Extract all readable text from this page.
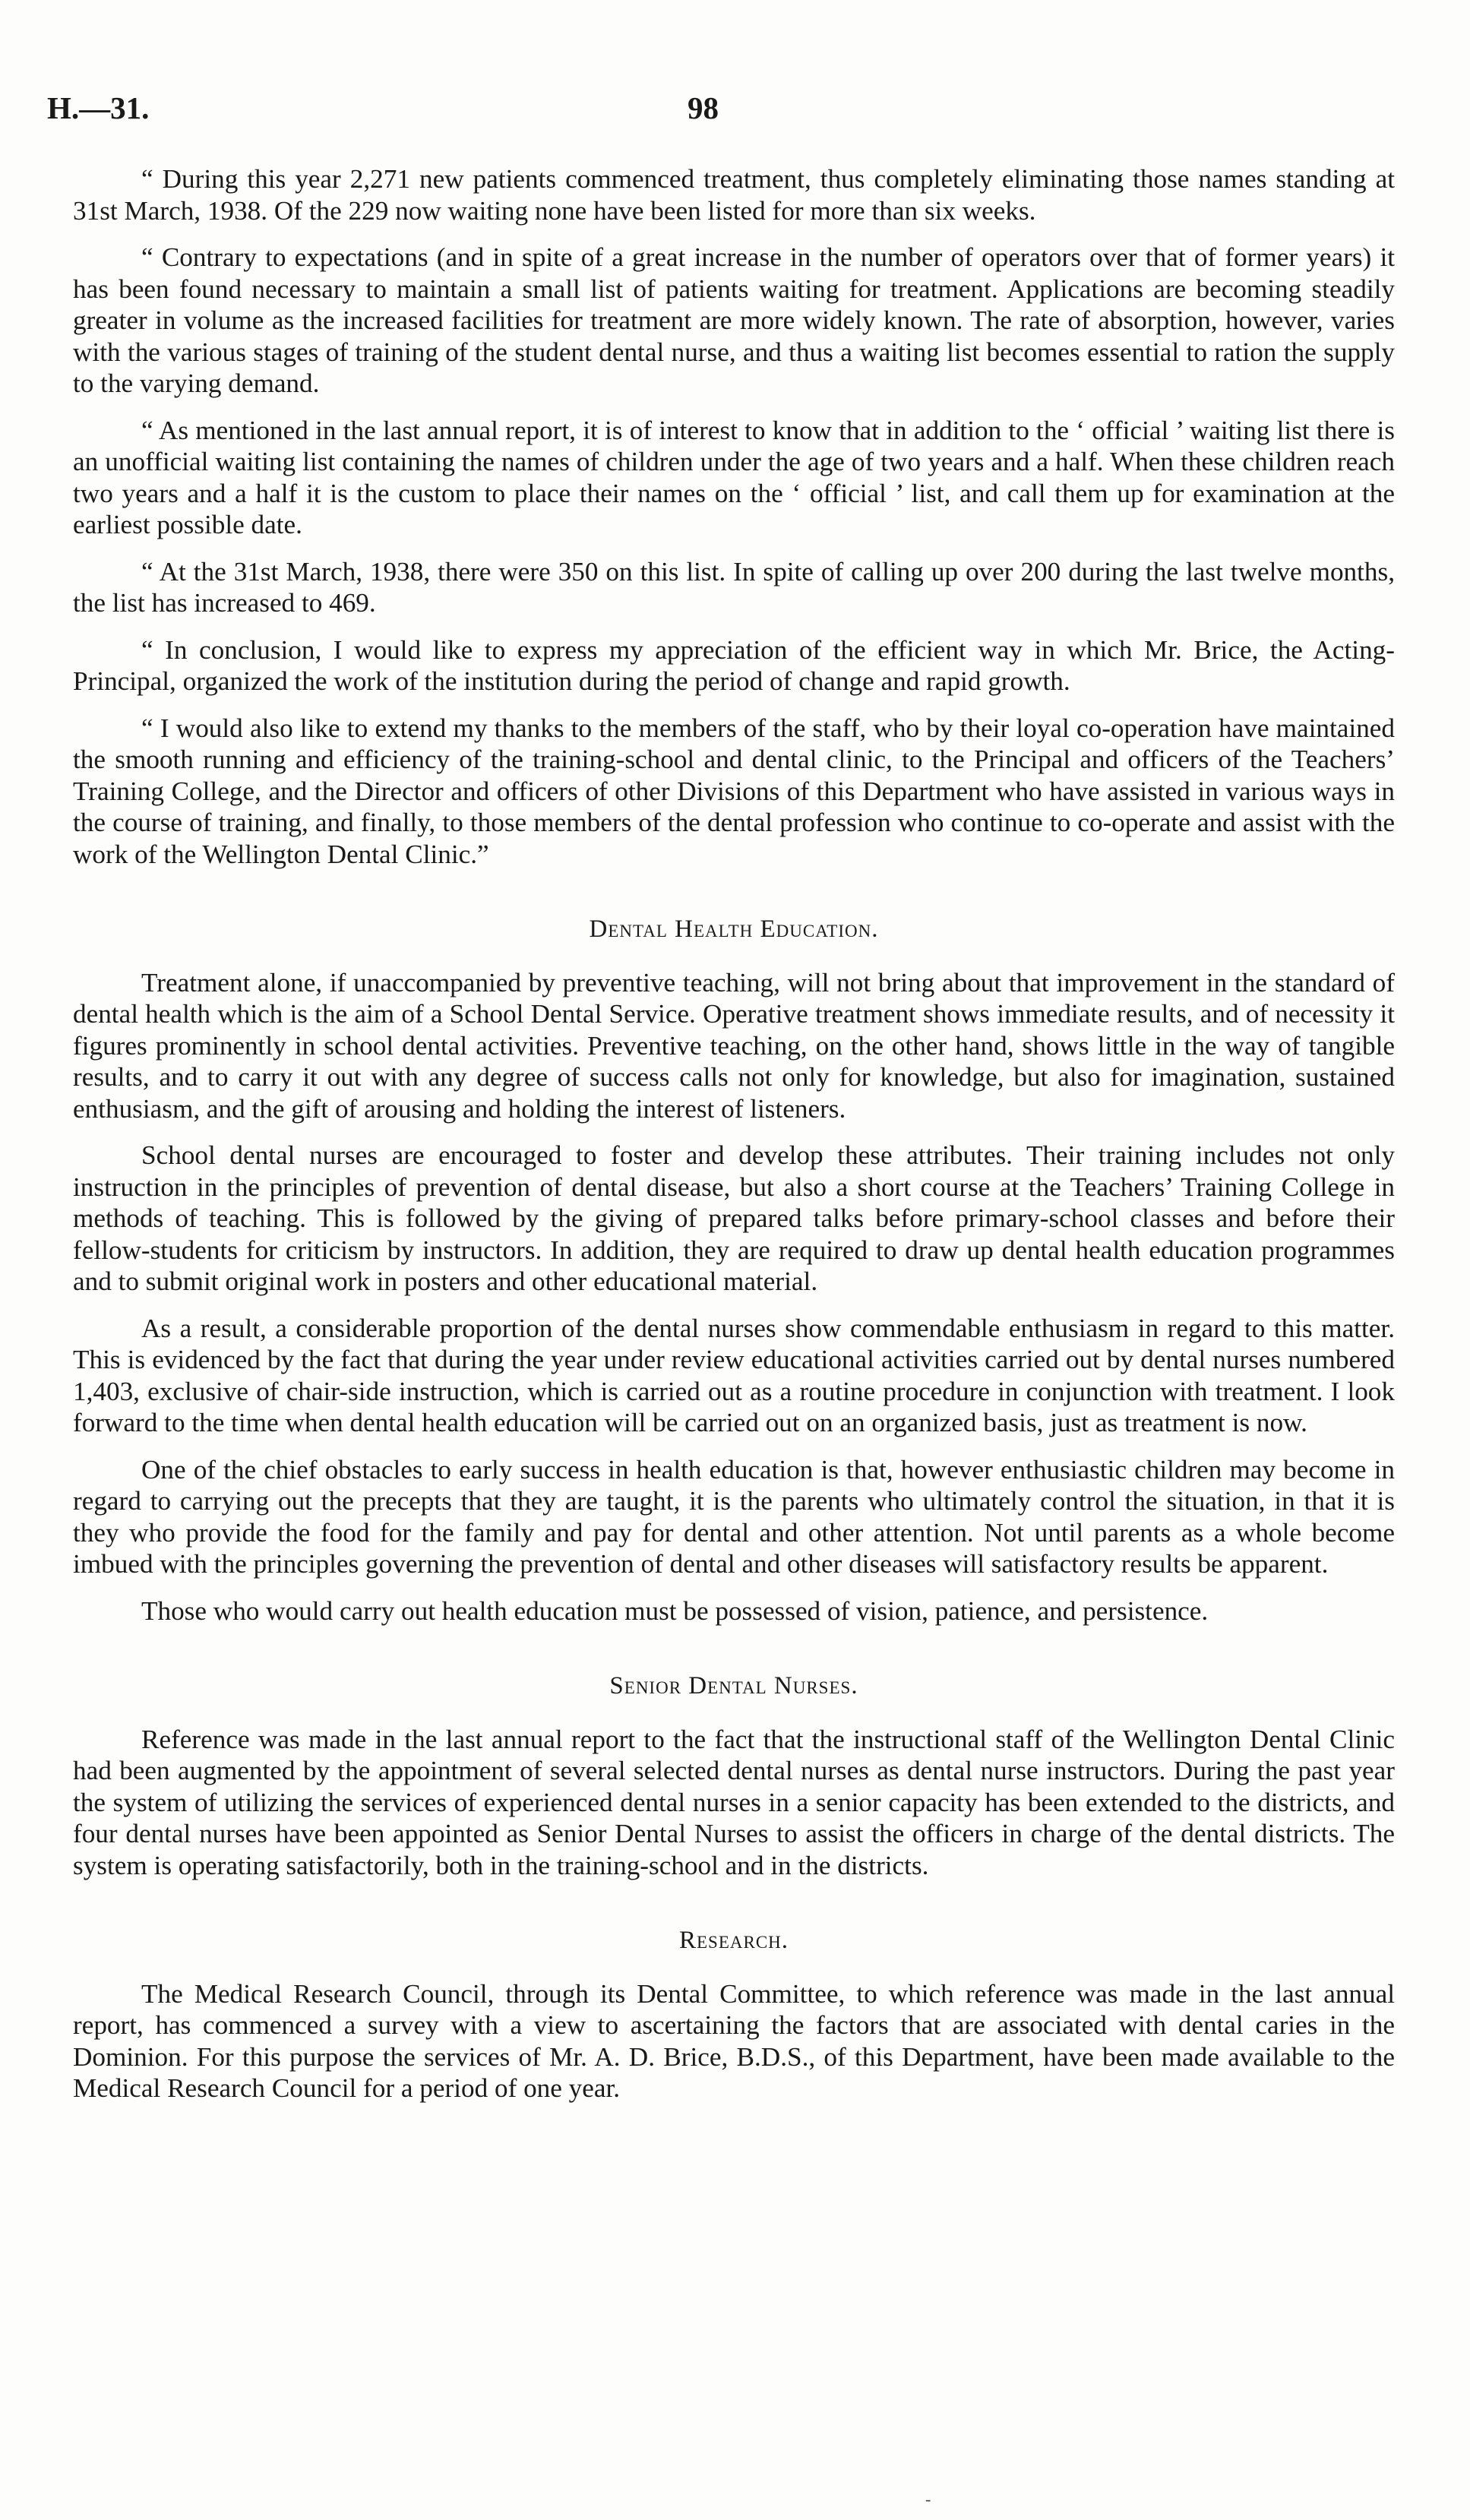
H.—31.	98

“ During this year 2,271 new patients commenced treatment, thus completely eliminating those names standing at 31st March, 1938. Of the 229 now waiting none have been listed for more than six weeks.

“ Contrary to expectations (and in spite of a great increase in the number of operators over that of former years) it has been found necessary to maintain a small list of patients waiting for treatment. Applications are becoming steadily greater in volume as the increased facilities for treatment are more widely known. The rate of absorption, however, varies with the various stages of training of the student dental nurse, and thus a waiting list becomes essential to ration the supply to the varying demand.

“ As mentioned in the last annual report, it is of interest to know that in addition to the ‘ official ’ waiting list there is an unofficial waiting list containing the names of children under the age of two years and a half. When these children reach two years and a half it is the custom to place their names on the ‘ official ’ list, and call them up for examination at the earliest possible date.

“ At the 31st March, 1938, there were 350 on this list. In spite of calling up over 200 during the last twelve months, the list has increased to 469.

“ In conclusion, I would like to express my appreciation of the efficient way in which Mr. Brice, the Acting-Principal, organized the work of the institution during the period of change and rapid growth.

“ I would also like to extend my thanks to the members of the staff, who by their loyal co-operation have maintained the smooth running and efficiency of the training-school and dental clinic, to the Principal and officers of the Teachers’ Training College, and the Director and officers of other Divisions of this Department who have assisted in various ways in the course of training, and finally, to those members of the dental profession who continue to co-operate and assist with the work of the Wellington Dental Clinic.”

Dental Health Education.

Treatment alone, if unaccompanied by preventive teaching, will not bring about that improvement in the standard of dental health which is the aim of a School Dental Service. Operative treatment shows immediate results, and of necessity it figures prominently in school dental activities. Preventive teaching, on the other hand, shows little in the way of tangible results, and to carry it out with any degree of success calls not only for knowledge, but also for imagination, sustained enthusiasm, and the gift of arousing and holding the interest of listeners.

School dental nurses are encouraged to foster and develop these attributes. Their training includes not only instruction in the principles of prevention of dental disease, but also a short course at the Teachers’ Training College in methods of teaching. This is followed by the giving of prepared talks before primary-school classes and before their fellow-students for criticism by instructors. In addition, they are required to draw up dental health education programmes and to submit original work in posters and other educational material.

As a result, a considerable proportion of the dental nurses show commendable enthusiasm in regard to this matter. This is evidenced by the fact that during the year under review educational activities carried out by dental nurses numbered 1,403, exclusive of chair-side instruction, which is carried out as a routine procedure in conjunction with treatment. I look forward to the time when dental health education will be carried out on an organized basis, just as treatment is now.

One of the chief obstacles to early success in health education is that, however enthusiastic children may become in regard to carrying out the precepts that they are taught, it is the parents who ultimately control the situation, in that it is they who provide the food for the family and pay for dental and other attention. Not until parents as a whole become imbued with the principles governing the prevention of dental and other diseases will satisfactory results be apparent.

Those who would carry out health education must be possessed of vision, patience, and persistence.

Senior Dental Nurses.

Reference was made in the last annual report to the fact that the instructional staff of the Wellington Dental Clinic had been augmented by the appointment of several selected dental nurses as dental nurse instructors. During the past year the system of utilizing the services of experienced dental nurses in a senior capacity has been extended to the districts, and four dental nurses have been appointed as Senior Dental Nurses to assist the officers in charge of the dental districts. The system is operating satisfactorily, both in the training-school and in the districts.

Research.

The Medical Research Council, through its Dental Committee, to which reference was made in the last annual report, has commenced a survey with a view to ascertaining the factors that are associated with dental caries in the Dominion. For this purpose the services of Mr. A. D. Brice, B.D.S., of this Department, have been made available to the Medical Research Council for a period of one year.

-
